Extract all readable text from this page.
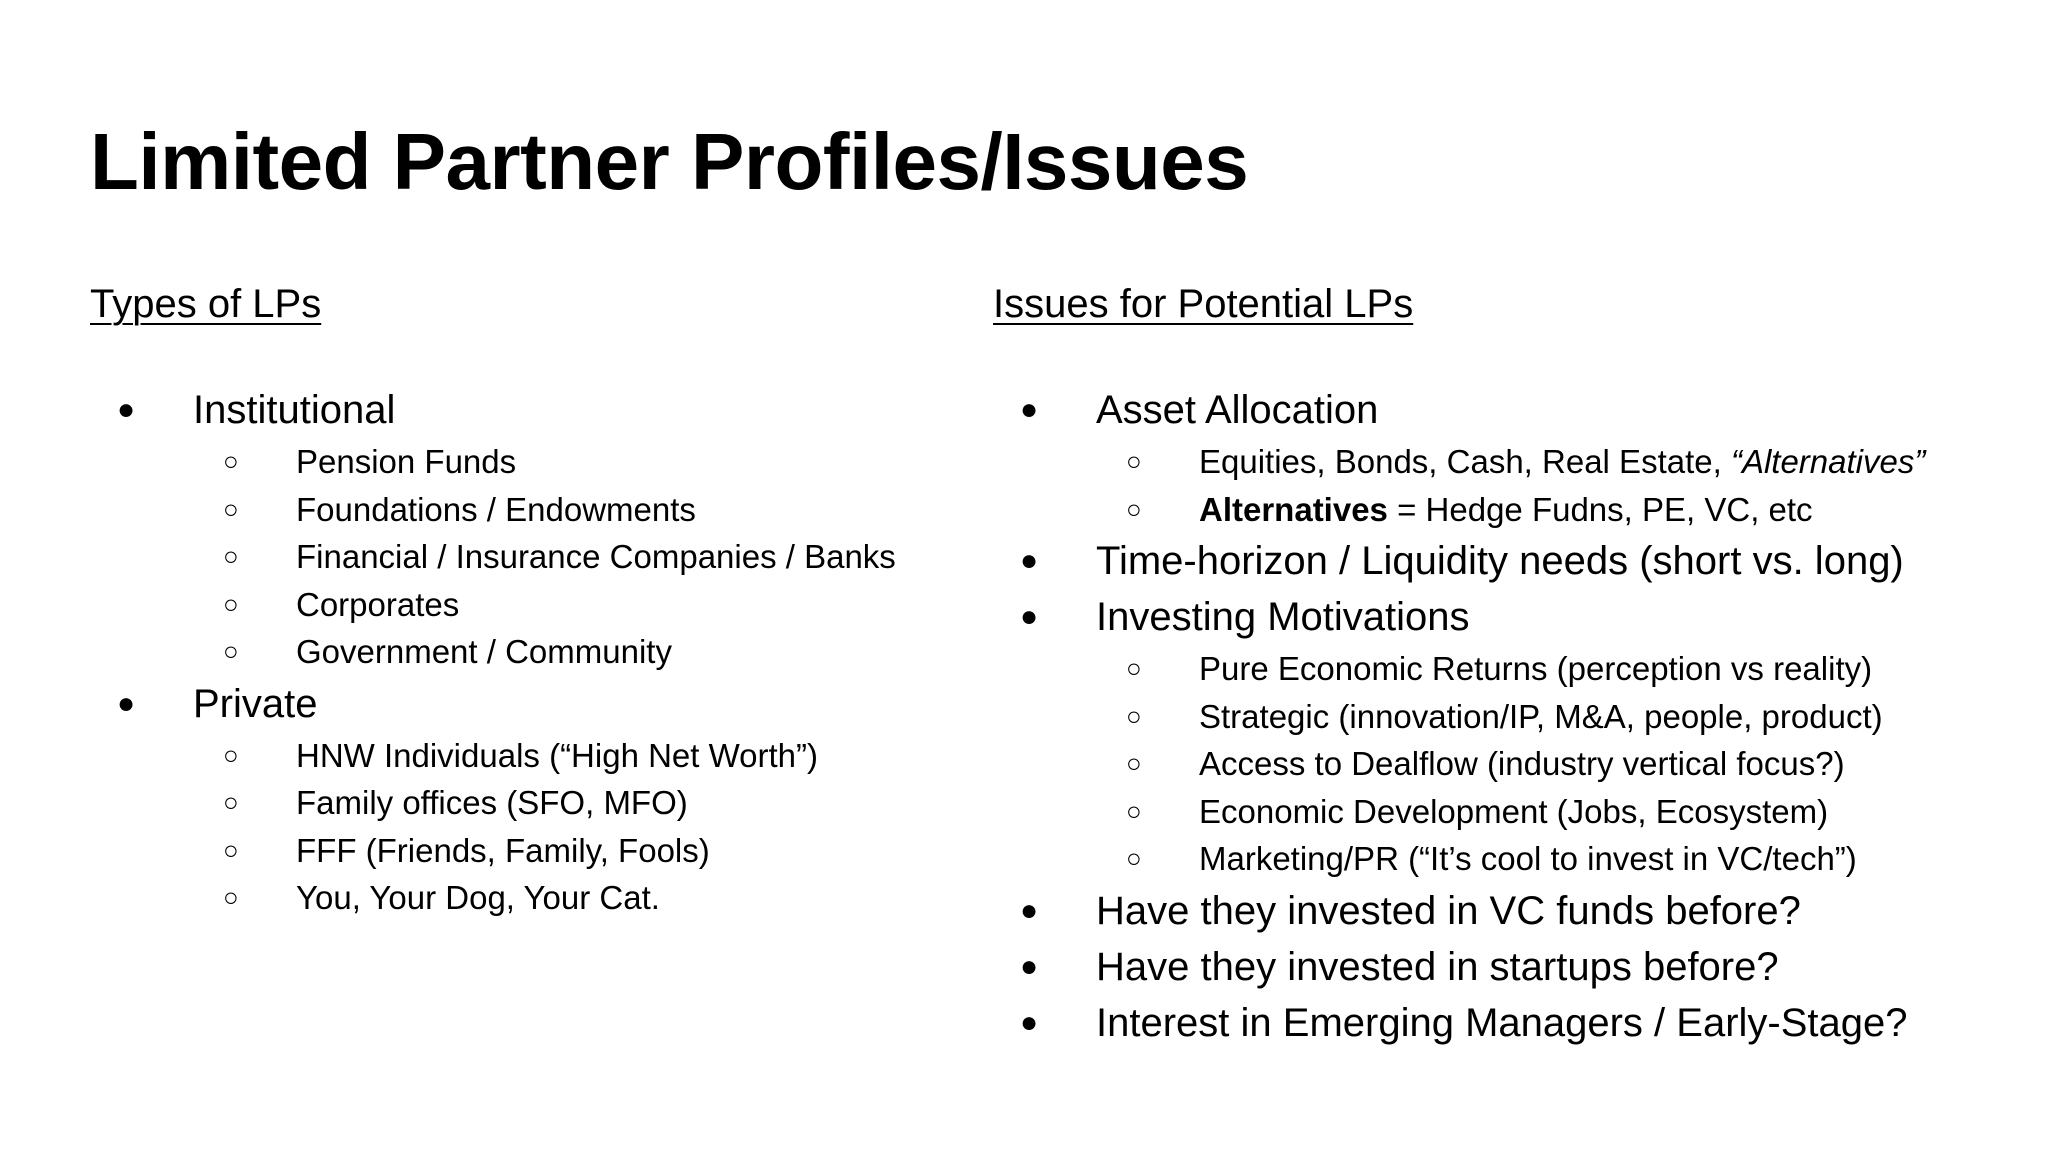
Limited Partner Profiles/Issues
Types of LPs
● Institutional
○ Pension Funds
○ Foundations / Endowments
○ Financial / Insurance Companies / Banks
○ Corporates
○ Government / Community
● Private
○ HNW Individuals (“High Net Worth”)
○ Family offices (SFO, MFO)
○ FFF (Friends, Family, Fools)
○ You, Your Dog, Your Cat.
Issues for Potential LPs
● Asset Allocation
○ Equities, Bonds, Cash, Real Estate, “Alternatives”
○ Alternatives = Hedge Fudns, PE, VC, etc
● Time-horizon / Liquidity needs (short vs. long)
● Investing Motivations
○ Pure Economic Returns (perception vs reality)
○ Strategic (innovation/IP, M&A, people, product)
○ Access to Dealflow (industry vertical focus?)
○ Economic Development (Jobs, Ecosystem)
○ Marketing/PR (“It’s cool to invest in VC/tech”)
● Have they invested in VC funds before?
● Have they invested in startups before?
● Interest in Emerging Managers / Early-Stage?
